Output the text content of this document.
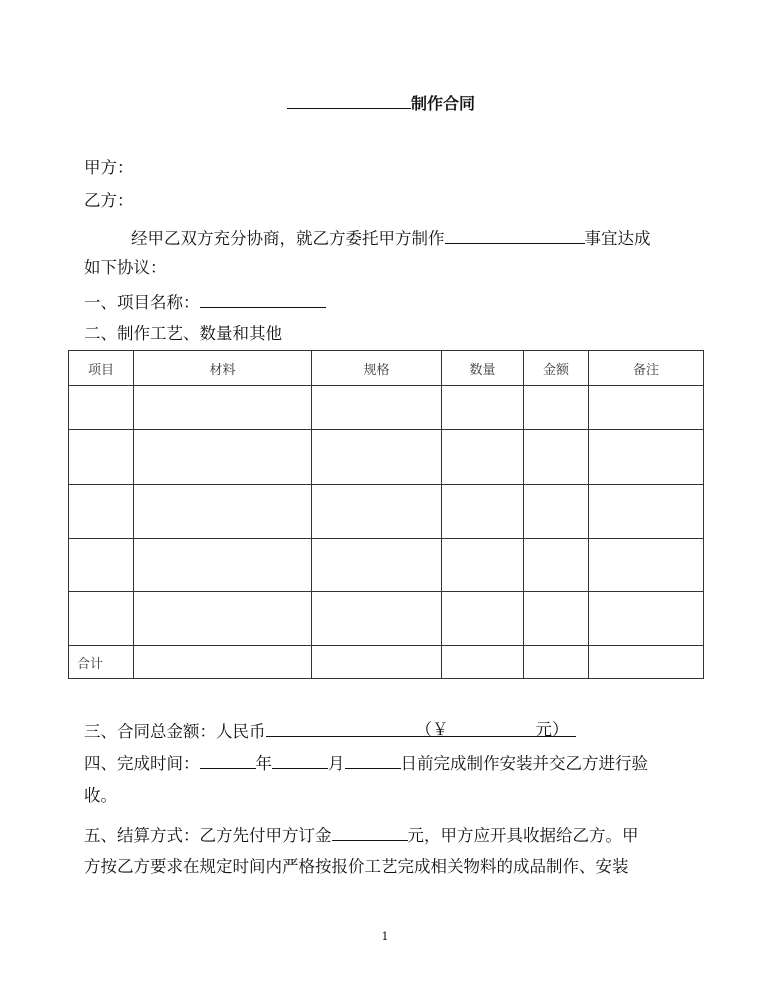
制作合同
甲方：
乙方：
经甲乙双方充分协商，就乙方委托甲方制作	事宜达成
如下协议：
一、项目名称：
二、制作工艺、数量和其他
项目	材料	规格	数量	金额	备注

合计					
三、合同总金额：人民币	（￥	元）
四、完成时间：	年	月	日前完成制作安装并交乙方进行验
收。
五、结算方式：乙方先付甲方订金	元，甲方应开具收据给乙方。甲
方按乙方要求在规定时间内严格按报价工艺完成相关物料的成品制作、安装
1
